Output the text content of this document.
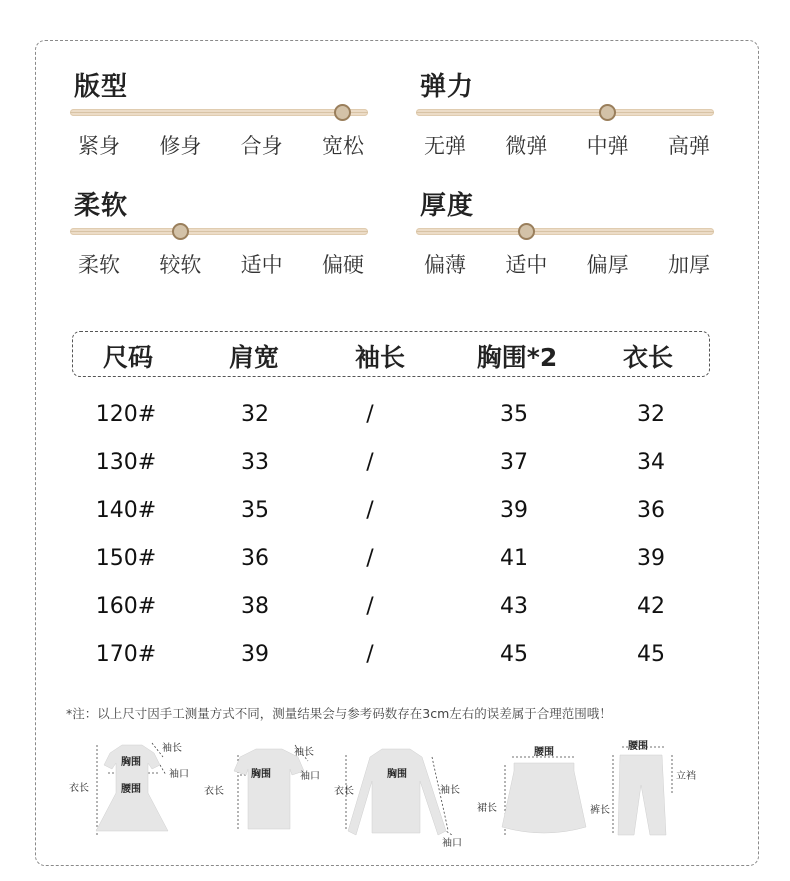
版型
紧身 修身 合身 宽松
弹力
无弹 微弹 中弹 高弹
柔软
柔软 较软 适中 偏硬
厚度
偏薄 适中 偏厚 加厚
尺码	肩宽	袖长	胸围*2	衣长
120#	32	/	35	32
130#	33	/	37	34
140#	35	/	39	36
150#	36	/	41	39
160#	38	/	43	42
170#	39	/	45	45
*注：以上尺寸因手工测量方式不同，测量结果会与参考码数存在3cm左右的误差属于合理范围哦！
袖长
胸围
袖口
衣长	腰围
袖长
胸围	袖口
衣长
胸围
衣长	袖长
袖口
腰围
裙长
腰围
立裆
裤长
